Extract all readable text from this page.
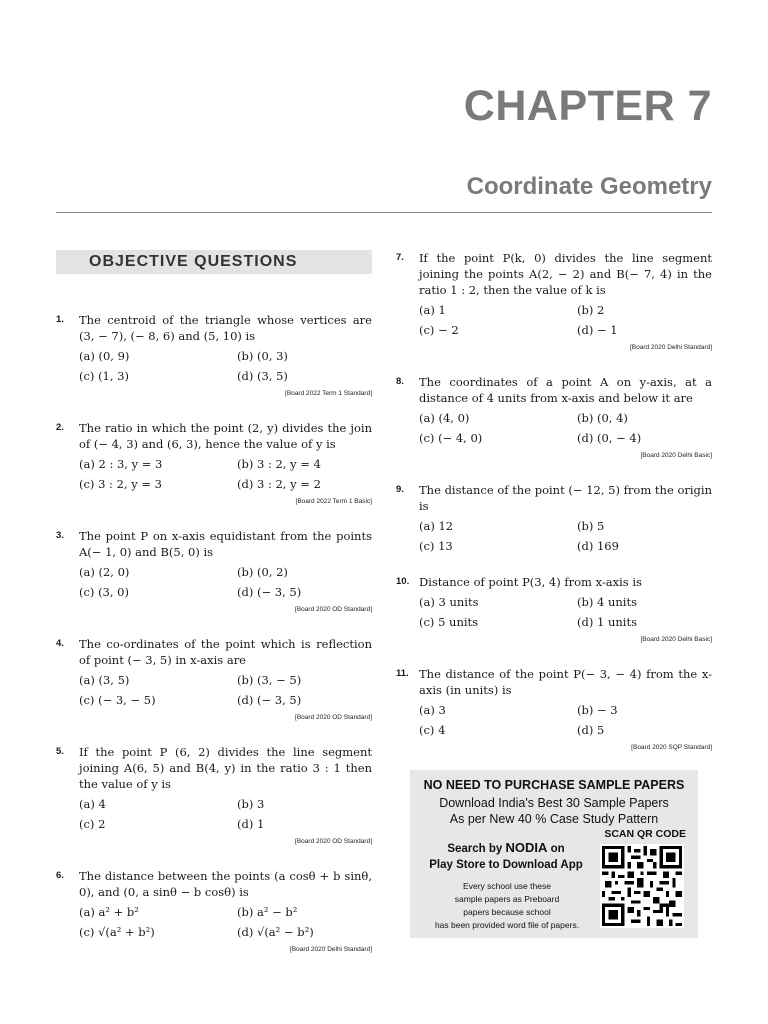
CHAPTER 7
Coordinate Geometry
OBJECTIVE QUESTIONS
1. The centroid of the triangle whose vertices are (3, − 7), (− 8, 6) and (5, 10) is
(a) (0, 9)	(b) (0, 3)
(c) (1, 3)	(d) (3, 5)
[Board 2022 Term 1 Standard]
2. The ratio in which the point (2, y) divides the join of (− 4, 3) and (6, 3), hence the value of y is
(a) 2 : 3, y = 3	(b) 3 : 2, y = 4
(c) 3 : 2, y = 3	(d) 3 : 2, y = 2
[Board 2022 Term 1 Basic]
3. The point P on x-axis equidistant from the points A(− 1, 0) and B(5, 0) is
(a) (2, 0)	(b) (0, 2)
(c) (3, 0)	(d) (− 3, 5)
[Board 2020 OD Standard]
4. The co-ordinates of the point which is reflection of point (− 3, 5) in x-axis are
(a) (3, 5)	(b) (3, − 5)
(c) (− 3, − 5)	(d) (− 3, 5)
[Board 2020 OD Standard]
5. If the point P (6, 2) divides the line segment joining A(6, 5) and B(4, y) in the ratio 3 : 1 then the value of y is
(a) 4	(b) 3
(c) 2	(d) 1
[Board 2020 OD Standard]
6. The distance between the points (a cosθ + b sinθ, 0), and (0, a sinθ − b cosθ) is
(a) a² + b²	(b) a² − b²
(c) √(a² + b²)	(d) √(a² − b²)
[Board 2020 Delhi Standard]
7. If the point P(k, 0) divides the line segment joining the points A(2, − 2) and B(− 7, 4) in the ratio 1 : 2, then the value of k is
(a) 1	(b) 2
(c) − 2	(d) − 1
[Board 2020 Delhi Standard]
8. The coordinates of a point A on y-axis, at a distance of 4 units from x-axis and below it are
(a) (4, 0)	(b) (0, 4)
(c) (− 4, 0)	(d) (0, − 4)
[Board 2020 Delhi Basic]
9. The distance of the point (− 12, 5) from the origin is
(a) 12	(b) 5
(c) 13	(d) 169
10. Distance of point P(3, 4) from x-axis is
(a) 3 units	(b) 4 units
(c) 5 units	(d) 1 units
[Board 2020 Delhi Basic]
11. The distance of the point P(− 3, − 4) from the x-axis (in units) is
(a) 3	(b) − 3
(c) 4	(d) 5
[Board 2020 SQP Standard]
NO NEED TO PURCHASE SAMPLE PAPERS
Download India's Best 30 Sample Papers
As per New 40 % Case Study Pattern
SCAN QR CODE
Search by NODIA on
Play Store to Download App
Every school use these
sample papers as Preboard
papers because school
has been provided word file of papers.
